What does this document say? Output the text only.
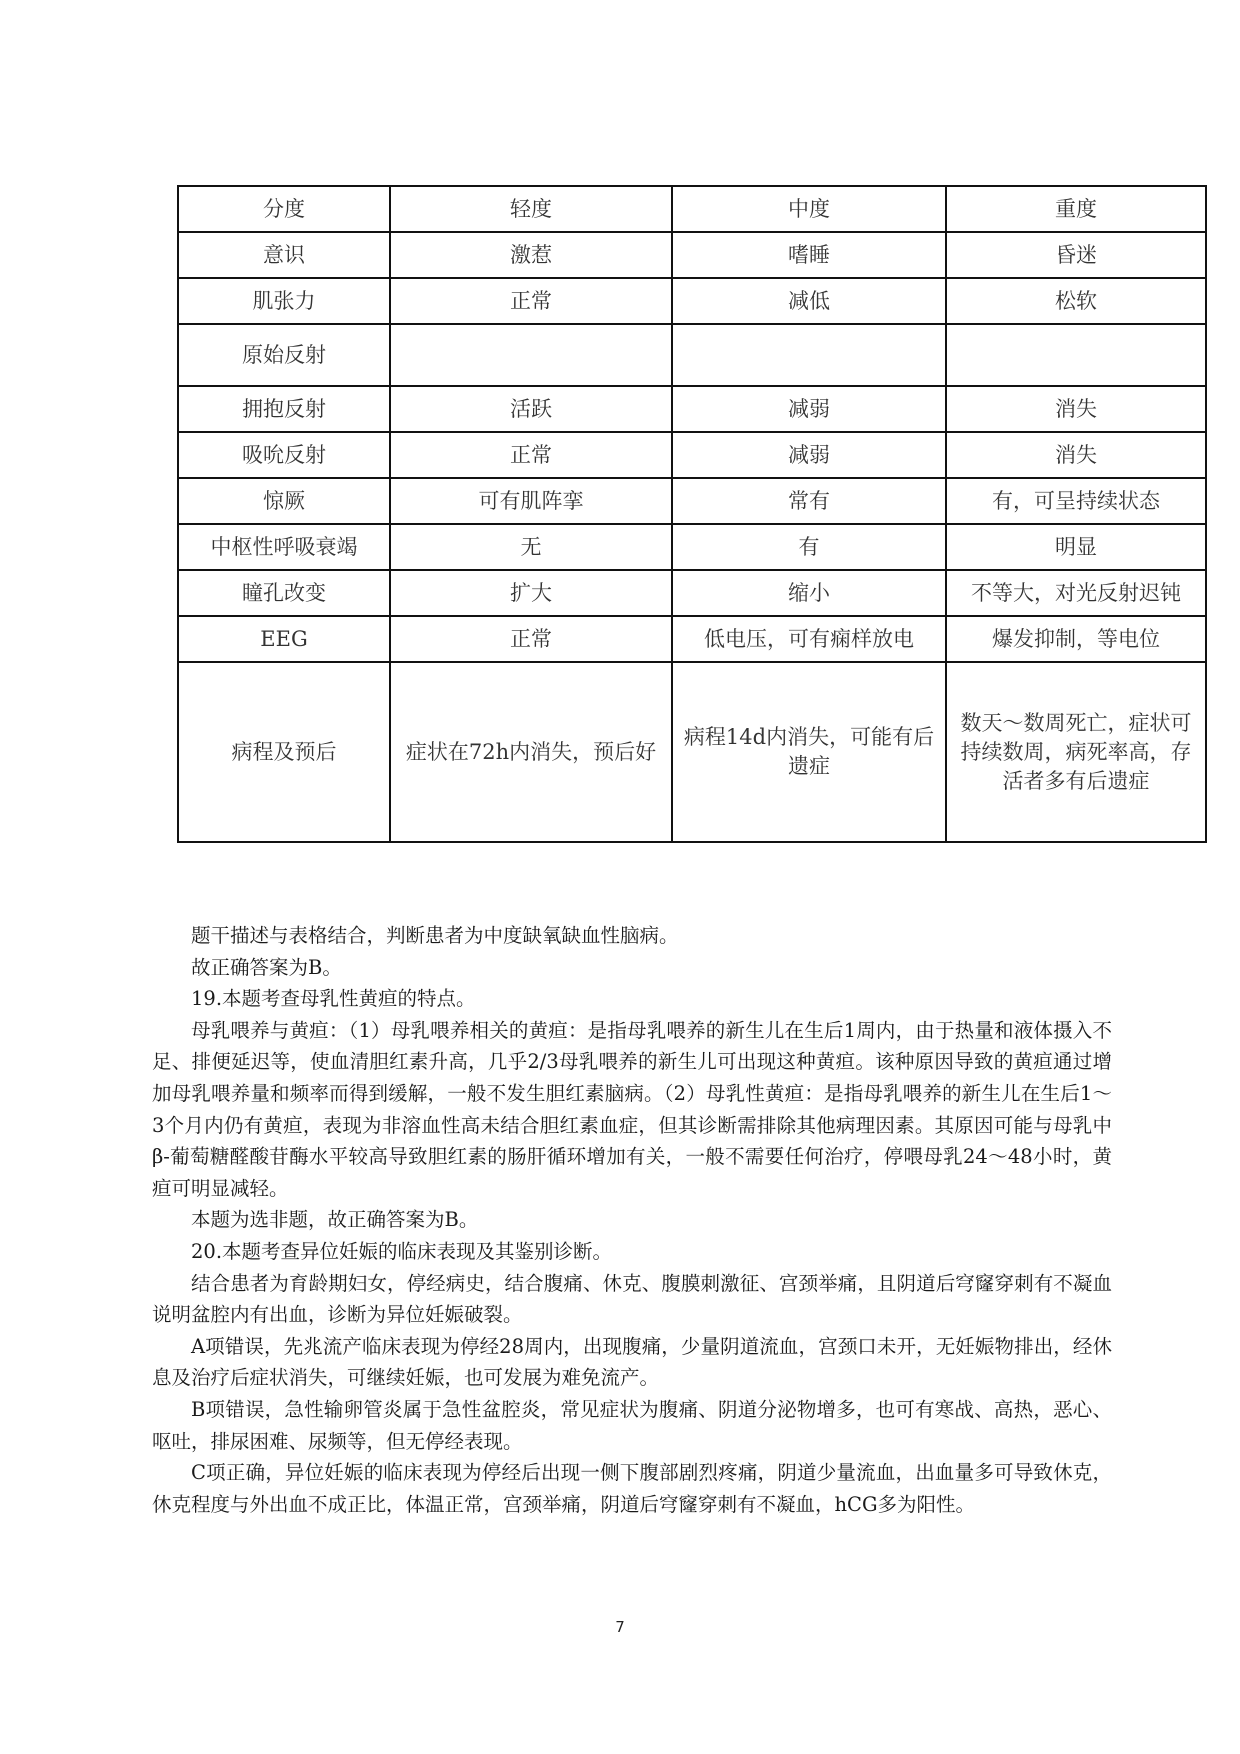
分度	轻度	中度	重度
意识	激惹	嗜睡	昏迷
肌张力	正常	减低	松软
原始反射			
拥抱反射	活跃	减弱	消失
吸吮反射	正常	减弱	消失
惊厥	可有肌阵挛	常有	有，可呈持续状态
中枢性呼吸衰竭	无	有	明显
瞳孔改变	扩大	缩小	不等大，对光反射迟钝
EEG	正常	低电压，可有痫样放电	爆发抑制，等电位
病程及预后	症状在72h内消失，预后好	病程14d内消失，可能有后遗症	数天～数周死亡，症状可持续数周，病死率高，存活者多有后遗症

题干描述与表格结合，判断患者为中度缺氧缺血性脑病。

故正确答案为B。

19.本题考查母乳性黄疸的特点。

母乳喂养与黄疸：（1）母乳喂养相关的黄疸：是指母乳喂养的新生儿在生后1周内，由于热量和液体摄入不足、排便延迟等，使血清胆红素升高，几乎2/3母乳喂养的新生儿可出现这种黄疸。该种原因导致的黄疸通过增加母乳喂养量和频率而得到缓解，一般不发生胆红素脑病。（2）母乳性黄疸：是指母乳喂养的新生儿在生后1～3个月内仍有黄疸，表现为非溶血性高未结合胆红素血症，但其诊断需排除其他病理因素。其原因可能与母乳中β-葡萄糖醛酸苷酶水平较高导致胆红素的肠肝循环增加有关，一般不需要任何治疗，停喂母乳24～48小时，黄疸可明显减轻。

本题为选非题，故正确答案为B。

20.本题考查异位妊娠的临床表现及其鉴别诊断。

结合患者为育龄期妇女，停经病史，结合腹痛、休克、腹膜刺激征、宫颈举痛，且阴道后穹窿穿刺有不凝血说明盆腔内有出血，诊断为异位妊娠破裂。

A项错误，先兆流产临床表现为停经28周内，出现腹痛，少量阴道流血，宫颈口未开，无妊娠物排出，经休息及治疗后症状消失，可继续妊娠，也可发展为难免流产。

B项错误，急性输卵管炎属于急性盆腔炎，常见症状为腹痛、阴道分泌物增多，也可有寒战、高热，恶心、呕吐，排尿困难、尿频等，但无停经表现。

C项正确，异位妊娠的临床表现为停经后出现一侧下腹部剧烈疼痛，阴道少量流血，出血量多可导致休克，休克程度与外出血不成正比，体温正常，宫颈举痛，阴道后穹窿穿刺有不凝血，hCG多为阳性。

7
